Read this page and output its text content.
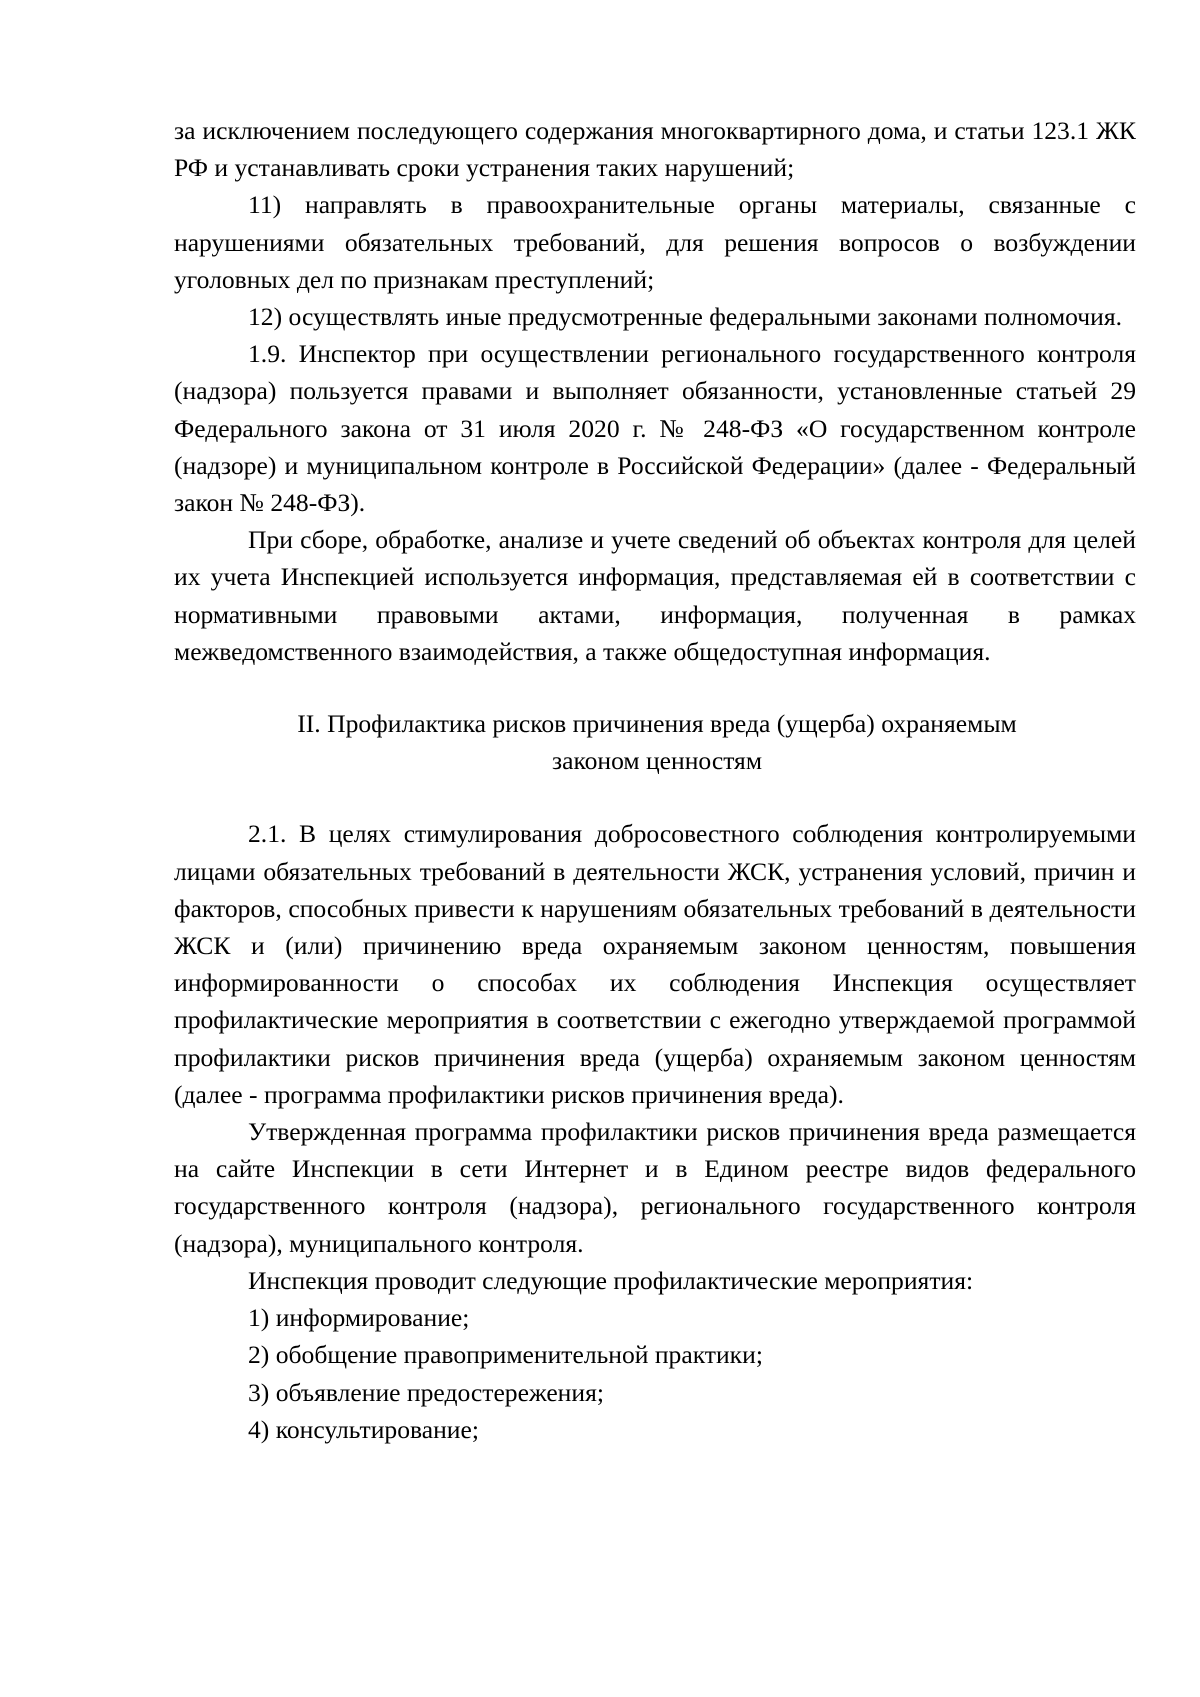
за исключением последующего содержания многоквартирного дома, и статьи 123.1 ЖК РФ и устанавливать сроки устранения таких нарушений;

11) направлять в правоохранительные органы материалы, связанные с нарушениями обязательных требований, для решения вопросов о возбуждении уголовных дел по признакам преступлений;

12) осуществлять иные предусмотренные федеральными законами полномочия.

1.9. Инспектор при осуществлении регионального государственного контроля (надзора) пользуется правами и выполняет обязанности, установленные статьей 29 Федерального закона от 31 июля 2020 г. № 248-ФЗ «О государственном контроле (надзоре) и муниципальном контроле в Российской Федерации» (далее - Федеральный закон № 248-ФЗ).

При сборе, обработке, анализе и учете сведений об объектах контроля для целей их учета Инспекцией используется информация, представляемая ей в соответствии с нормативными правовыми актами, информация, полученная в рамках межведомственного взаимодействия, а также общедоступная информация.

II. Профилактика рисков причинения вреда (ущерба) охраняемым законом ценностям

2.1. В целях стимулирования добросовестного соблюдения контролируемыми лицами обязательных требований в деятельности ЖСК, устранения условий, причин и факторов, способных привести к нарушениям обязательных требований в деятельности ЖСК и (или) причинению вреда охраняемым законом ценностям, повышения информированности о способах их соблюдения Инспекция осуществляет профилактические мероприятия в соответствии с ежегодно утверждаемой программой профилактики рисков причинения вреда (ущерба) охраняемым законом ценностям (далее - программа профилактики рисков причинения вреда).

Утвержденная программа профилактики рисков причинения вреда размещается на сайте Инспекции в сети Интернет и в Едином реестре видов федерального государственного контроля (надзора), регионального государственного контроля (надзора), муниципального контроля.

Инспекция проводит следующие профилактические мероприятия:

1) информирование;

2) обобщение правоприменительной практики;

3) объявление предостережения;

4) консультирование;
